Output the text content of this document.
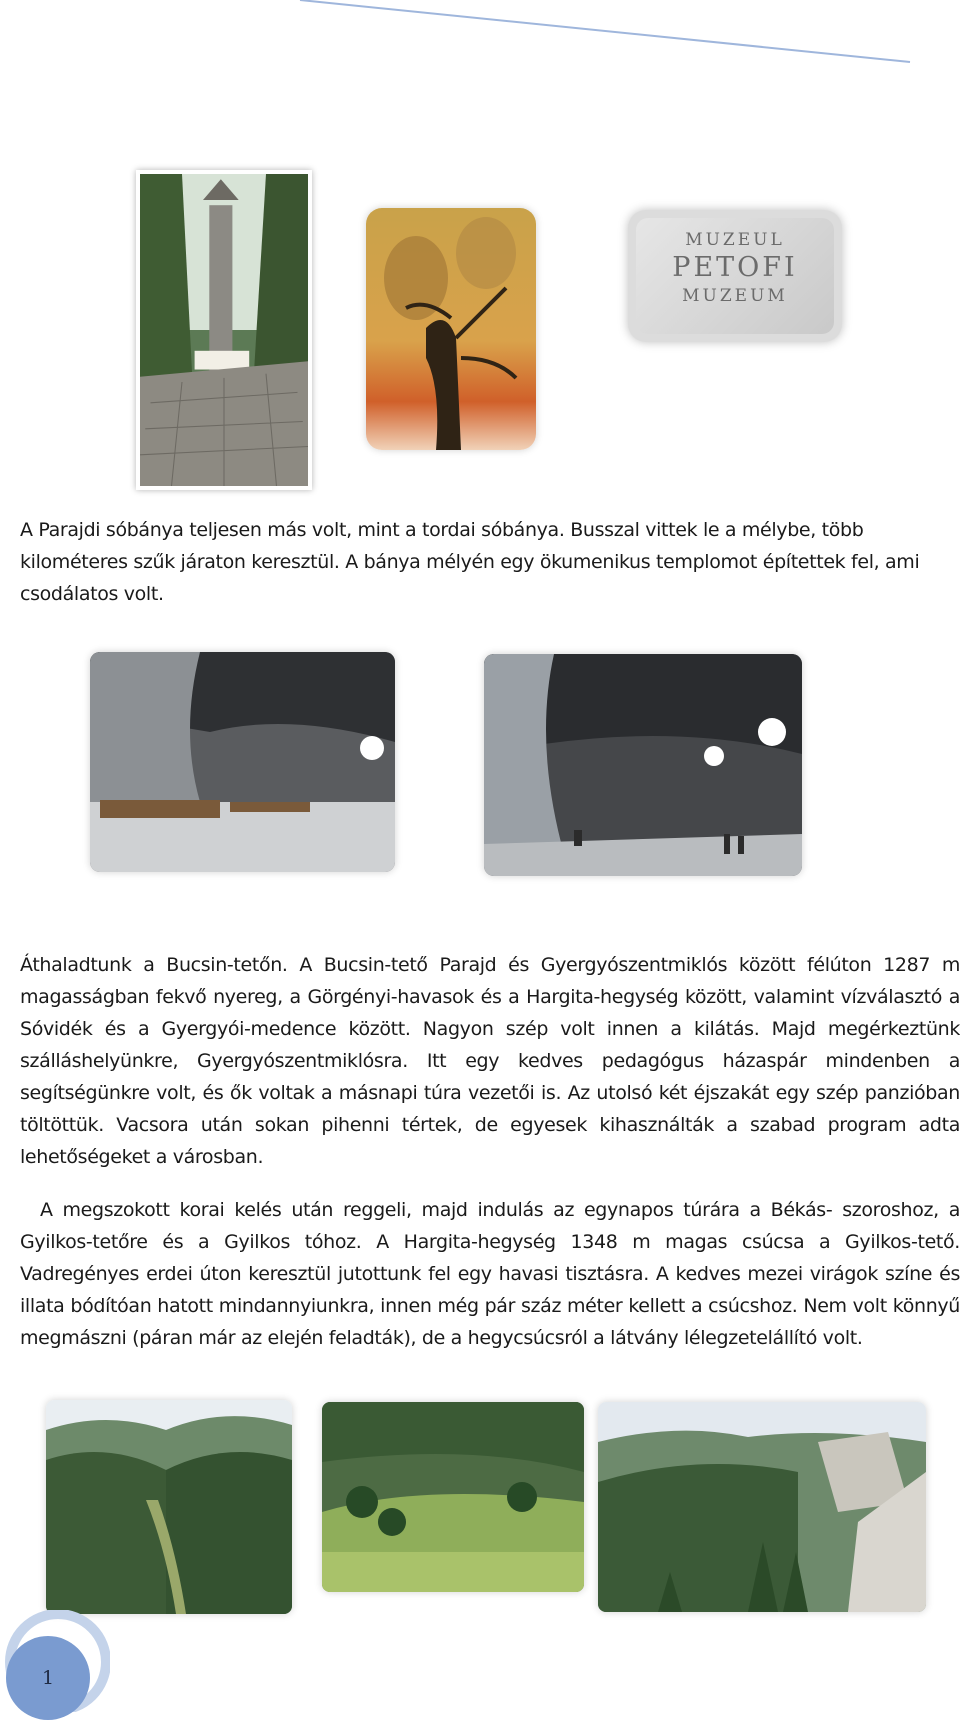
MUZEUL
PETOFI
MUZEUM

A Parajdi sóbánya teljesen más volt, mint a tordai sóbánya. Busszal vittek le a mélybe, több kilométeres szűk járaton keresztül. A bánya mélyén egy ökumenikus templomot építettek fel, ami csodálatos volt.

Áthaladtunk a Bucsin-tetőn. A Bucsin-tető Parajd és Gyergyószentmiklós között félúton 1287 m magasságban fekvő nyereg, a Görgényi-havasok és a Hargita-hegység között, valamint vízválasztó a Sóvidék és a Gyergyói-medence között. Nagyon szép volt innen a kilátás. Majd megérkeztünk szálláshelyünkre, Gyergyószentmiklósra. Itt egy kedves pedagógus házaspár mindenben a segítségünkre volt, és ők voltak a másnapi túra vezetői is. Az utolsó két éjszakát egy szép panzióban töltöttük. Vacsora után sokan pihenni tértek, de egyesek kihasználták a szabad program adta lehetőségeket a városban.

A megszokott korai kelés után reggeli, majd indulás az egynapos túrára a Békás- szoroshoz, a Gyilkos-tetőre és a Gyilkos tóhoz. A Hargita-hegység 1348 m magas csúcsa a Gyilkos-tető. Vadregényes erdei úton keresztül jutottunk fel egy havasi tisztásra. A kedves mezei virágok színe és illata bódítóan hatott mindannyiunkra, innen még pár száz méter kellett a csúcshoz. Nem volt könnyű megmászni (páran már az elején feladták), de a hegycsúcsról a látvány lélegzetelállító volt.

1
